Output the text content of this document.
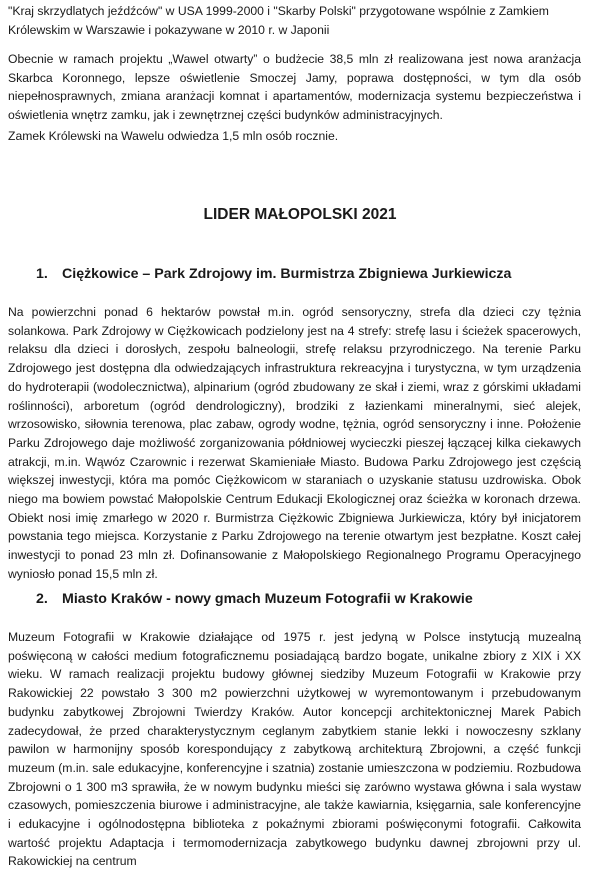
"Kraj skrzydlatych jeźdźców" w USA 1999-2000 i "Skarby Polski" przygotowane wspólnie z Zamkiem Królewskim w Warszawie i pokazywane w 2010 r. w Japonii

Obecnie w ramach projektu „Wawel otwarty” o budżecie 38,5 mln zł realizowana jest nowa aranżacja Skarbca Koronnego, lepsze oświetlenie Smoczej Jamy, poprawa dostępności, w tym dla osób niepełnosprawnych, zmiana aranżacji komnat i apartamentów, modernizacja systemu bezpieczeństwa i oświetlenia wnętrz zamku, jak i zewnętrznej części budynków administracyjnych.

Zamek Królewski na Wawelu odwiedza 1,5 mln osób rocznie.

LIDER MAŁOPOLSKI 2021
1. Ciężkowice – Park Zdrojowy im. Burmistrza Zbigniewa Jurkiewicza

Na powierzchni ponad 6 hektarów powstał m.in. ogród sensoryczny, strefa dla dzieci czy tężnia solankowa. Park Zdrojowy w Ciężkowicach podzielony jest na 4 strefy: strefę lasu i ścieżek spacerowych, relaksu dla dzieci i dorosłych, zespołu balneologii, strefę relaksu przyrodniczego. Na terenie Parku Zdrojowego jest dostępna dla odwiedzających infrastruktura rekreacyjna i turystyczna, w tym urządzenia do hydroterapii (wodolecznictwa), alpinarium (ogród zbudowany ze skał i ziemi, wraz z górskimi układami roślinności), arboretum (ogród dendrologiczny), brodziki z łazienkami mineralnymi, sieć alejek, wrzosowisko, siłownia terenowa, plac zabaw, ogrody wodne, tężnia, ogród sensoryczny i inne. Położenie Parku Zdrojowego daje możliwość zorganizowania półdniowej wycieczki pieszej łączącej kilka ciekawych atrakcji, m.in. Wąwóz Czarownic i rezerwat Skamieniałe Miasto. Budowa Parku Zdrojowego jest częścią większej inwestycji, która ma pomóc Ciężkowicom w staraniach o uzyskanie statusu uzdrowiska. Obok niego ma bowiem powstać Małopolskie Centrum Edukacji Ekologicznej oraz ścieżka w koronach drzewa. Obiekt nosi imię zmarłego w 2020 r. Burmistrza Ciężkowic Zbigniewa Jurkiewicza, który był inicjatorem powstania tego miejsca. Korzystanie z Parku Zdrojowego na terenie otwartym jest bezpłatne. Koszt całej inwestycji to ponad 23 mln zł. Dofinansowanie z Małopolskiego Regionalnego Programu Operacyjnego wyniosło ponad 15,5 mln zł.

2. Miasto Kraków - nowy gmach Muzeum Fotografii w Krakowie

Muzeum Fotografii w Krakowie działające od 1975 r. jest jedyną w Polsce instytucją muzealną poświęconą w całości medium fotograficznemu posiadającą bardzo bogate, unikalne zbiory z XIX i XX wieku. W ramach realizacji projektu budowy głównej siedziby Muzeum Fotografii w Krakowie przy Rakowickiej 22 powstało 3 300 m2 powierzchni użytkowej w wyremontowanym i przebudowanym budynku zabytkowej Zbrojowni Twierdzy Kraków. Autor koncepcji architektonicznej Marek Pabich zadecydował, że przed charakterystycznym ceglanym zabytkiem stanie lekki i nowoczesny szklany pawilon w harmonijny sposób korespondujący z zabytkową architekturą Zbrojowni, a część funkcji muzeum (m.in. sale edukacyjne, konferencyjne i szatnia) zostanie umieszczona w podziemiu. Rozbudowa Zbrojowni o 1 300 m3 sprawiła, że w nowym budynku mieści się zarówno wystawa główna i sala wystaw czasowych, pomieszczenia biurowe i administracyjne, ale także kawiarnia, księgarnia, sale konferencyjne i edukacyjne i ogólnodostępna biblioteka z pokaźnymi zbiorami poświęconymi fotografii. Całkowita wartość projektu Adaptacja i termomodernizacja zabytkowego budynku dawnej zbrojowni przy ul. Rakowickiej na centrum
